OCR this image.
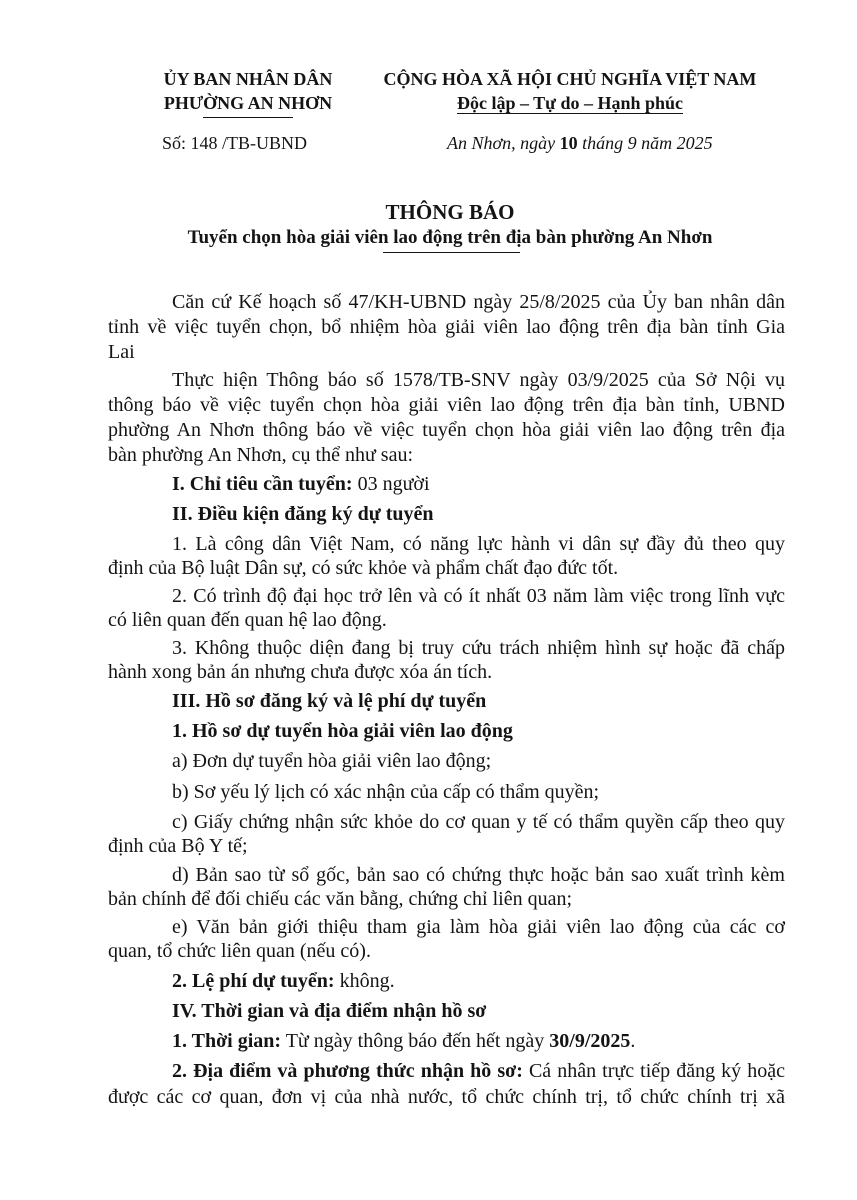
ỦY BAN NHÂN DÂN
PHƯỜNG AN NHƠN
Số: 148 /TB-UBND
CỘNG HÒA XÃ HỘI CHỦ NGHĨA VIỆT NAM
Độc lập – Tự do – Hạnh phúc
An Nhơn, ngày 10 tháng 9 năm 2025
THÔNG BÁO
Tuyển chọn hòa giải viên lao động trên địa bàn phường An Nhơn
Căn cứ Kế hoạch số 47/KH-UBND ngày 25/8/2025 của Ủy ban nhân dân
tỉnh về việc tuyển chọn, bổ nhiệm hòa giải viên lao động trên địa bàn tỉnh Gia
Lai
Thực hiện Thông báo số 1578/TB-SNV ngày 03/9/2025 của Sở Nội vụ
thông báo về việc tuyển chọn hòa giải viên lao động trên địa bàn tỉnh, UBND
phường An Nhơn thông báo về việc tuyển chọn hòa giải viên lao động trên địa
bàn phường An Nhơn, cụ thể như sau:
I. Chỉ tiêu cần tuyển: 03 người
II. Điều kiện đăng ký dự tuyển
1. Là công dân Việt Nam, có năng lực hành vi dân sự đầy đủ theo quy
định của Bộ luật Dân sự, có sức khỏe và phẩm chất đạo đức tốt.
2. Có trình độ đại học trở lên và có ít nhất 03 năm làm việc trong lĩnh vực
có liên quan đến quan hệ lao động.
3. Không thuộc diện đang bị truy cứu trách nhiệm hình sự hoặc đã chấp
hành xong bản án nhưng chưa được xóa án tích.
III. Hồ sơ đăng ký và lệ phí dự tuyển
1. Hồ sơ dự tuyển hòa giải viên lao động
a) Đơn dự tuyển hòa giải viên lao động;
b) Sơ yếu lý lịch có xác nhận của cấp có thẩm quyền;
c) Giấy chứng nhận sức khỏe do cơ quan y tế có thẩm quyền cấp theo quy
định của Bộ Y tế;
d) Bản sao từ sổ gốc, bản sao có chứng thực hoặc bản sao xuất trình kèm
bản chính để đối chiếu các văn bằng, chứng chỉ liên quan;
e) Văn bản giới thiệu tham gia làm hòa giải viên lao động của các cơ
quan, tổ chức liên quan (nếu có).
2. Lệ phí dự tuyển: không.
IV. Thời gian và địa điểm nhận hồ sơ
1. Thời gian: Từ ngày thông báo đến hết ngày 30/9/2025.
2. Địa điểm và phương thức nhận hồ sơ: Cá nhân trực tiếp đăng ký hoặc
được các cơ quan, đơn vị của nhà nước, tổ chức chính trị, tổ chức chính trị xã
